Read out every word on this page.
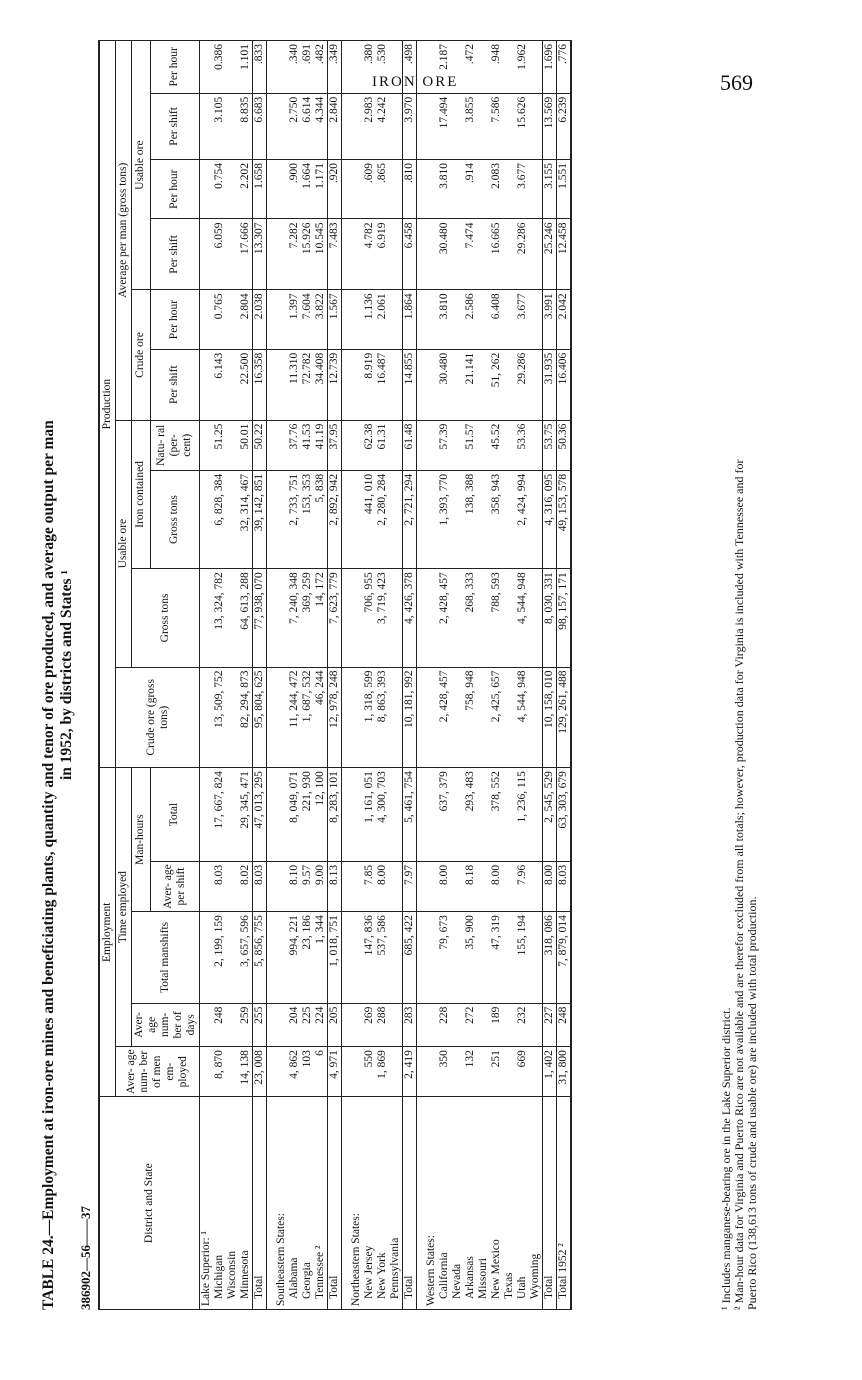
IRON ORE	569
TABLE 24.—Employment at iron-ore mines and beneficiating plants, quantity and tenor of ore produced, and average output per man in 1952, by districts and States ¹
386902—56——37
District and State	Employment					Production									
	Aver- age num- ber of men em- ployed	Time employed				Crude ore (gross tons)	Usable ore			Average per man (gross tons)					
		Aver- age num- ber of days	Total manshifts	Man-hours			Gross tons	Iron contained		Crude ore		Usable ore			
				Aver- age per shift	Total			Gross tons	Natu- ral (per- cent)	Per shift	Per hour	Per shift	Per hour	Per shift	Per hour
Lake Superior: ¹															
Michigan	8, 870	248	2, 199, 159	8.03	17, 667, 824	13, 509, 752	13, 324, 782	6, 828, 384	51.25	6.143	0.765	6.059	0.754	3.105	0.386
Wisconsin															
Minnesota	14, 138	259	3, 657, 596	8.02	29, 345, 471	82, 294, 873	64, 613, 288	32, 314, 467	50.01	22.500	2.804	17.666	2.202	8.835	1.101
Total	23, 008	255	5, 856, 755	8.03	47, 013, 295	95, 804, 625	77, 938, 070	39, 142, 851	50.22	16.358	2.038	13.307	1.658	6.683	.833

Southeastern States:															
Alabama	4, 862	204	994, 221	8.10	8, 049, 071	11, 244, 472	7, 240, 348	2, 733, 751	37.76	11.310	1.397	7.282	.900	2.750	.340
Georgia	103	225	23, 186	9.57	221, 930	1, 687, 532	369, 259	153, 353	41.53	72.782	7.604	15.926	1.664	6.614	.691
Tennessee ²	6	224	1, 344	9.00	12, 100	46, 244	14, 172	5, 838	41.19	34.408	3.822	10.545	1.171	4.344	.482
Total	4, 971	205	1, 018, 751	8.13	8, 283, 101	12, 978, 248	7, 623, 779	2, 892, 942	37.95	12.739	1.567	7.483	.920	2.840	.349

Northeastern States:															
New Jersey	550	269	147, 836	7.85	1, 161, 051	1, 318, 599	706, 955	441, 010	62.38	8.919	1.136	4.782	.609	2.983	.380
New York	1, 869	288	537, 586	8.00	4, 300, 703	8, 863, 393	3, 719, 423	2, 280, 284	61.31	16.487	2.061	6.919	.865	4.242	.530
Pennsylvania															
Total	2, 419	283	685, 422	7.97	5, 461, 754	10, 181, 992	4, 426, 378	2, 721, 294	61.48	14.855	1.864	6.458	.810	3.970	.498

Western States:															
California	350	228	79, 673	8.00	637, 379	2, 428, 457	2, 428, 457	1, 393, 770	57.39	30.480	3.810	30.480	3.810	17.494	2.187
Nevada															
Arkansas	132	272	35, 900	8.18	293, 483	758, 948	268, 333	138, 388	51.57	21.141	2.586	7.474	.914	3.855	.472
Missouri															
New Mexico	251	189	47, 319	8.00	378, 552	2, 425, 657	788, 593	358, 943	45.52	51, 262	6.408	16.665	2.083	7.586	.948
Texas															
Utah	669	232	155, 194	7.96	1, 236, 115	4, 544, 948	4, 544, 948	2, 424, 994	53.36	29.286	3.677	29.286	3.677	15.626	1.962
Wyoming															
Total	1, 402	227	318, 086	8.00	2, 545, 529	10, 158, 010	8, 030, 331	4, 316, 095	53.75	31.935	3.991	25.246	3.155	13.569	1.696
Total 1952 ²	31, 800	248	7, 879, 014	8.03	63, 303, 679	129, 261, 488	98, 157, 171	49, 153, 578	50.36	16.406	2.042	12.458	1.551	6.239	.776

¹ Includes manganese-bearing ore in the Lake Superior district. ² Man-hour data for Virginia and Puerto Rico are not available and are therefor excluded from all totals; however, production data for Virginia is included with Tennessee and for Puerto Rico (138,613 tons of crude and usable ore) are included with total production.
